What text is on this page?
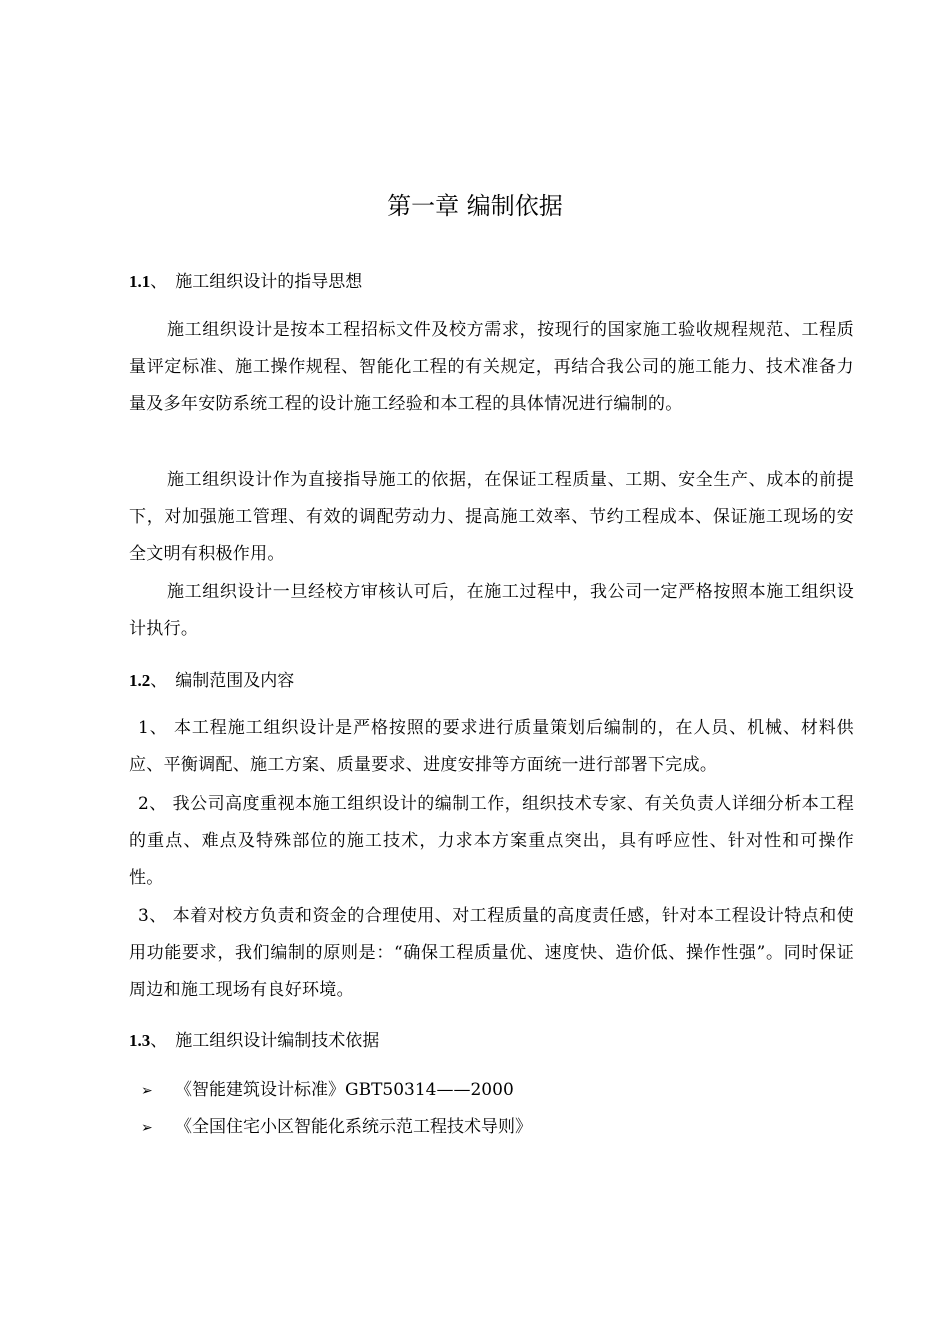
第一章 编制依据
1.1、 施工组织设计的指导思想
施工组织设计是按本工程招标文件及校方需求，按现行的国家施工验收规程规范、工程质量评定标准、施工操作规程、智能化工程的有关规定，再结合我公司的施工能力、技术准备力量及多年安防系统工程的设计施工经验和本工程的具体情况进行编制的。
施工组织设计作为直接指导施工的依据，在保证工程质量、工期、安全生产、成本的前提下，对加强施工管理、有效的调配劳动力、提高施工效率、节约工程成本、保证施工现场的安全文明有积极作用。
施工组织设计一旦经校方审核认可后，在施工过程中，我公司一定严格按照本施工组织设计执行。
1.2、 编制范围及内容
1、 本工程施工组织设计是严格按照的要求进行质量策划后编制的，在人员、机械、材料供应、平衡调配、施工方案、质量要求、进度安排等方面统一进行部署下完成。
2、 我公司高度重视本施工组织设计的编制工作，组织技术专家、有关负责人详细分析本工程的重点、难点及特殊部位的施工技术，力求本方案重点突出，具有呼应性、针对性和可操作性。
3、 本着对校方负责和资金的合理使用、对工程质量的高度责任感，针对本工程设计特点和使用功能要求，我们编制的原则是：“确保工程质量优、速度快、造价低、操作性强”。同时保证周边和施工现场有良好环境。
1.3、 施工组织设计编制技术依据
➢ 《智能建筑设计标准》GBT50314——2000
➢ 《全国住宅小区智能化系统示范工程技术导则》
